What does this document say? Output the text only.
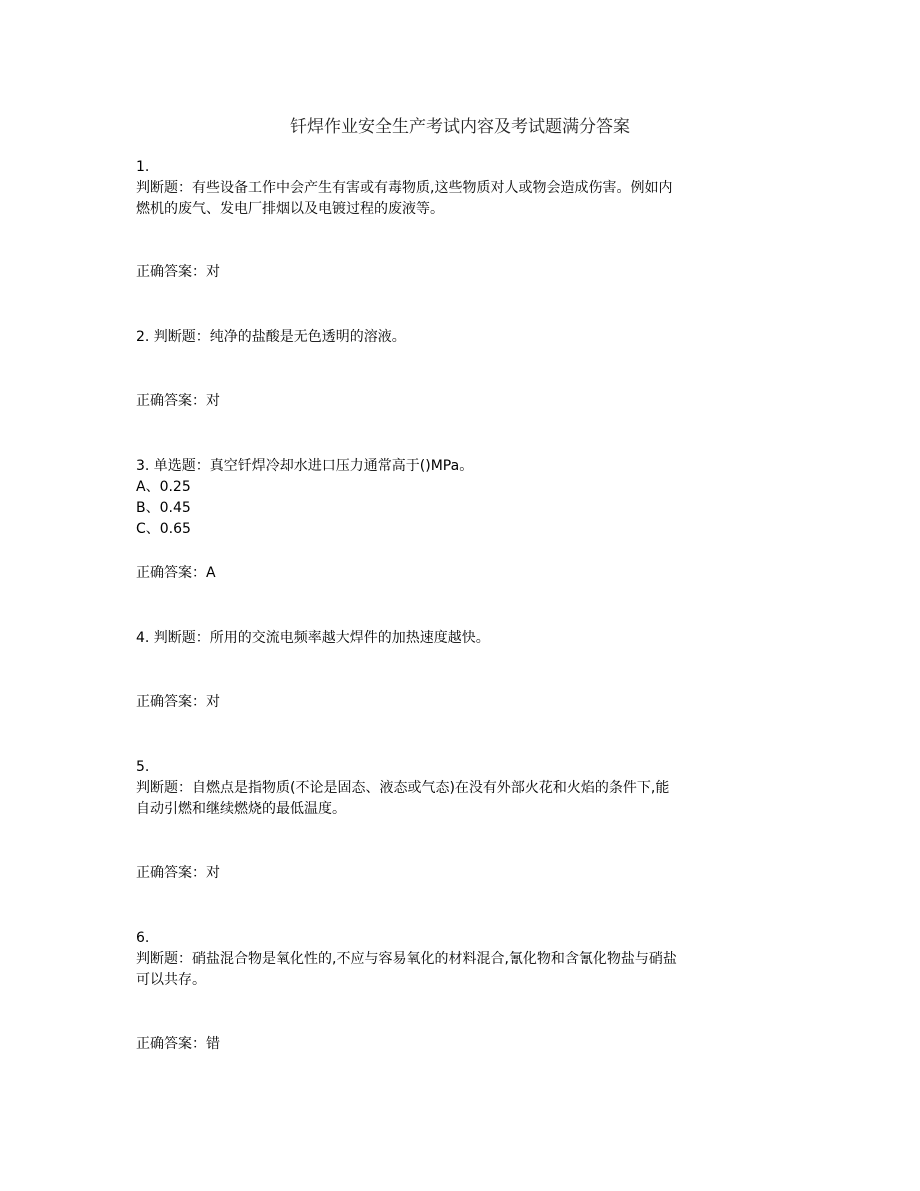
钎焊作业安全生产考试内容及考试题满分答案
1.
判断题：有些设备工作中会产生有害或有毒物质,这些物质对人或物会造成伤害。例如内
燃机的废气、发电厂排烟以及电镀过程的废液等。
正确答案：对
2. 判断题：纯净的盐酸是无色透明的溶液。
正确答案：对
3. 单选题：真空钎焊冷却水进口压力通常高于()MPa。
A、0.25
B、0.45
C、0.65
正确答案：A
4. 判断题：所用的交流电频率越大焊件的加热速度越快。
正确答案：对
5.
判断题：自燃点是指物质(不论是固态、液态或气态)在没有外部火花和火焰的条件下,能
自动引燃和继续燃烧的最低温度。
正确答案：对
6.
判断题：硝盐混合物是氧化性的,不应与容易氧化的材料混合,氰化物和含氰化物盐与硝盐
可以共存。
正确答案：错
